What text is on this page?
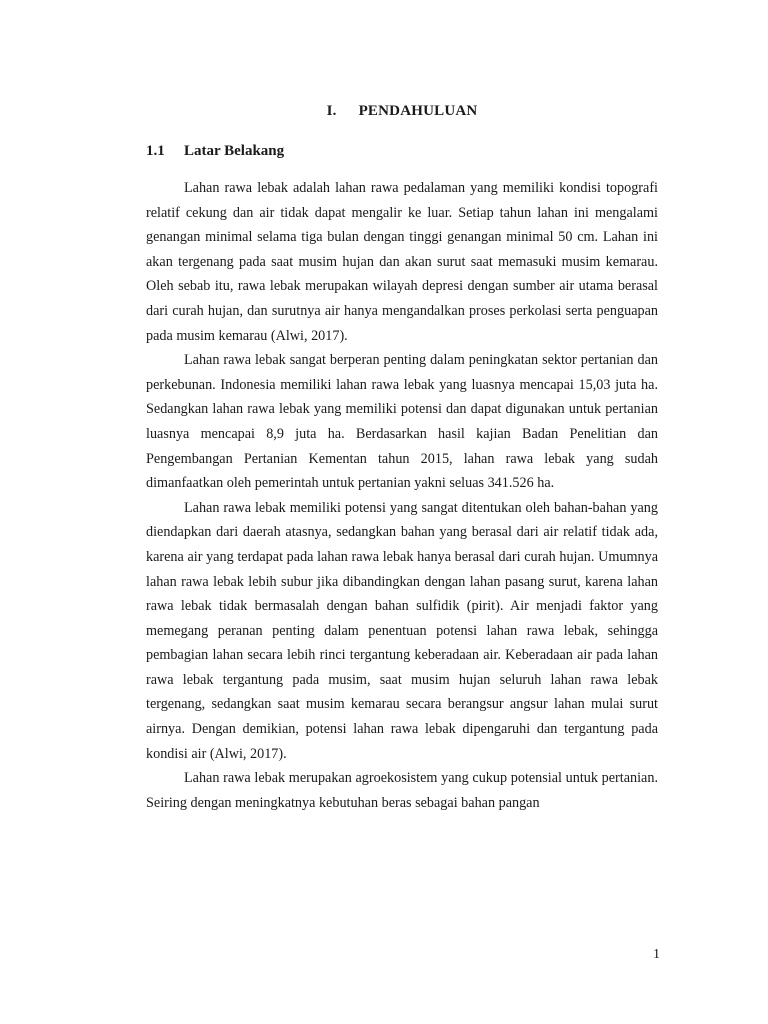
I. PENDAHULUAN
1.1 Latar Belakang

Lahan rawa lebak adalah lahan rawa pedalaman yang memiliki kondisi topografi relatif cekung dan air tidak dapat mengalir ke luar. Setiap tahun lahan ini mengalami genangan minimal selama tiga bulan dengan tinggi genangan minimal 50 cm. Lahan ini akan tergenang pada saat musim hujan dan akan surut saat memasuki musim kemarau. Oleh sebab itu, rawa lebak merupakan wilayah depresi dengan sumber air utama berasal dari curah hujan, dan surutnya air hanya mengandalkan proses perkolasi serta penguapan pada musim kemarau (Alwi, 2017).

Lahan rawa lebak sangat berperan penting dalam peningkatan sektor pertanian dan perkebunan. Indonesia memiliki lahan rawa lebak yang luasnya mencapai 15,03 juta ha. Sedangkan lahan rawa lebak yang memiliki potensi dan dapat digunakan untuk pertanian luasnya mencapai 8,9 juta ha. Berdasarkan hasil kajian Badan Penelitian dan Pengembangan Pertanian Kementan tahun 2015, lahan rawa lebak yang sudah dimanfaatkan oleh pemerintah untuk pertanian yakni seluas 341.526 ha.

Lahan rawa lebak memiliki potensi yang sangat ditentukan oleh bahan-bahan yang diendapkan dari daerah atasnya, sedangkan bahan yang berasal dari air relatif tidak ada, karena air yang terdapat pada lahan rawa lebak hanya berasal dari curah hujan. Umumnya lahan rawa lebak lebih subur jika dibandingkan dengan lahan pasang surut, karena lahan rawa lebak tidak bermasalah dengan bahan sulfidik (pirit). Air menjadi faktor yang memegang peranan penting dalam penentuan potensi lahan rawa lebak, sehingga pembagian lahan secara lebih rinci tergantung keberadaan air. Keberadaan air pada lahan rawa lebak tergantung pada musim, saat musim hujan seluruh lahan rawa lebak tergenang, sedangkan saat musim kemarau secara berangsur angsur lahan mulai surut airnya. Dengan demikian, potensi lahan rawa lebak dipengaruhi dan tergantung pada kondisi air (Alwi, 2017).

Lahan rawa lebak merupakan agroekosistem yang cukup potensial untuk pertanian. Seiring dengan meningkatnya kebutuhan beras sebagai bahan pangan

1
